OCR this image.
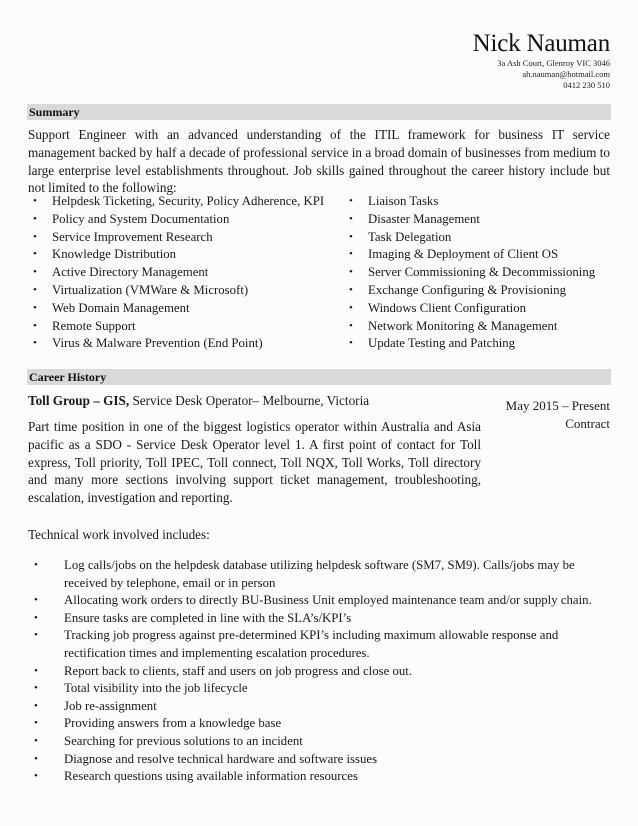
Nick Nauman
3a Ash Court, Glenroy VIC 3046
ah.nauman@hotmail.com
0412 230 510
Summary
Support Engineer with an advanced understanding of the ITIL framework for business IT service management backed by half a decade of professional service in a broad domain of businesses from medium to large enterprise level establishments throughout. Job skills gained throughout the career history include but not limited to the following:
• Helpdesk Ticketing, Security, Policy Adherence, KPI
• Policy and System Documentation
• Service Improvement Research
• Knowledge Distribution
• Active Directory Management
• Virtualization (VMWare & Microsoft)
• Web Domain Management
• Remote Support
• Virus & Malware Prevention (End Point)
• Liaison Tasks
• Disaster Management
• Task Delegation
• Imaging & Deployment of Client OS
• Server Commissioning & Decommissioning
• Exchange Configuring & Provisioning
• Windows Client Configuration
• Network Monitoring & Management
• Update Testing and Patching
Career History
Toll Group – GIS, Service Desk Operator– Melbourne, Victoria	May 2015 – Present
Contract
Part time position in one of the biggest logistics operator within Australia and Asia pacific as a SDO - Service Desk Operator level 1. A first point of contact for Toll express, Toll priority, Toll IPEC, Toll connect, Toll NQX, Toll Works, Toll directory and many more sections involving support ticket management, troubleshooting, escalation, investigation and reporting.
Technical work involved includes:
• Log calls/jobs on the helpdesk database utilizing helpdesk software (SM7, SM9). Calls/jobs may be received by telephone, email or in person
• Allocating work orders to directly BU-Business Unit employed maintenance team and/or supply chain.
• Ensure tasks are completed in line with the SLA’s/KPI’s
• Tracking job progress against pre-determined KPI’s including maximum allowable response and rectification times and implementing escalation procedures.
• Report back to clients, staff and users on job progress and close out.
• Total visibility into the job lifecycle
• Job re-assignment
• Providing answers from a knowledge base
• Searching for previous solutions to an incident
• Diagnose and resolve technical hardware and software issues
• Research questions using available information resources
